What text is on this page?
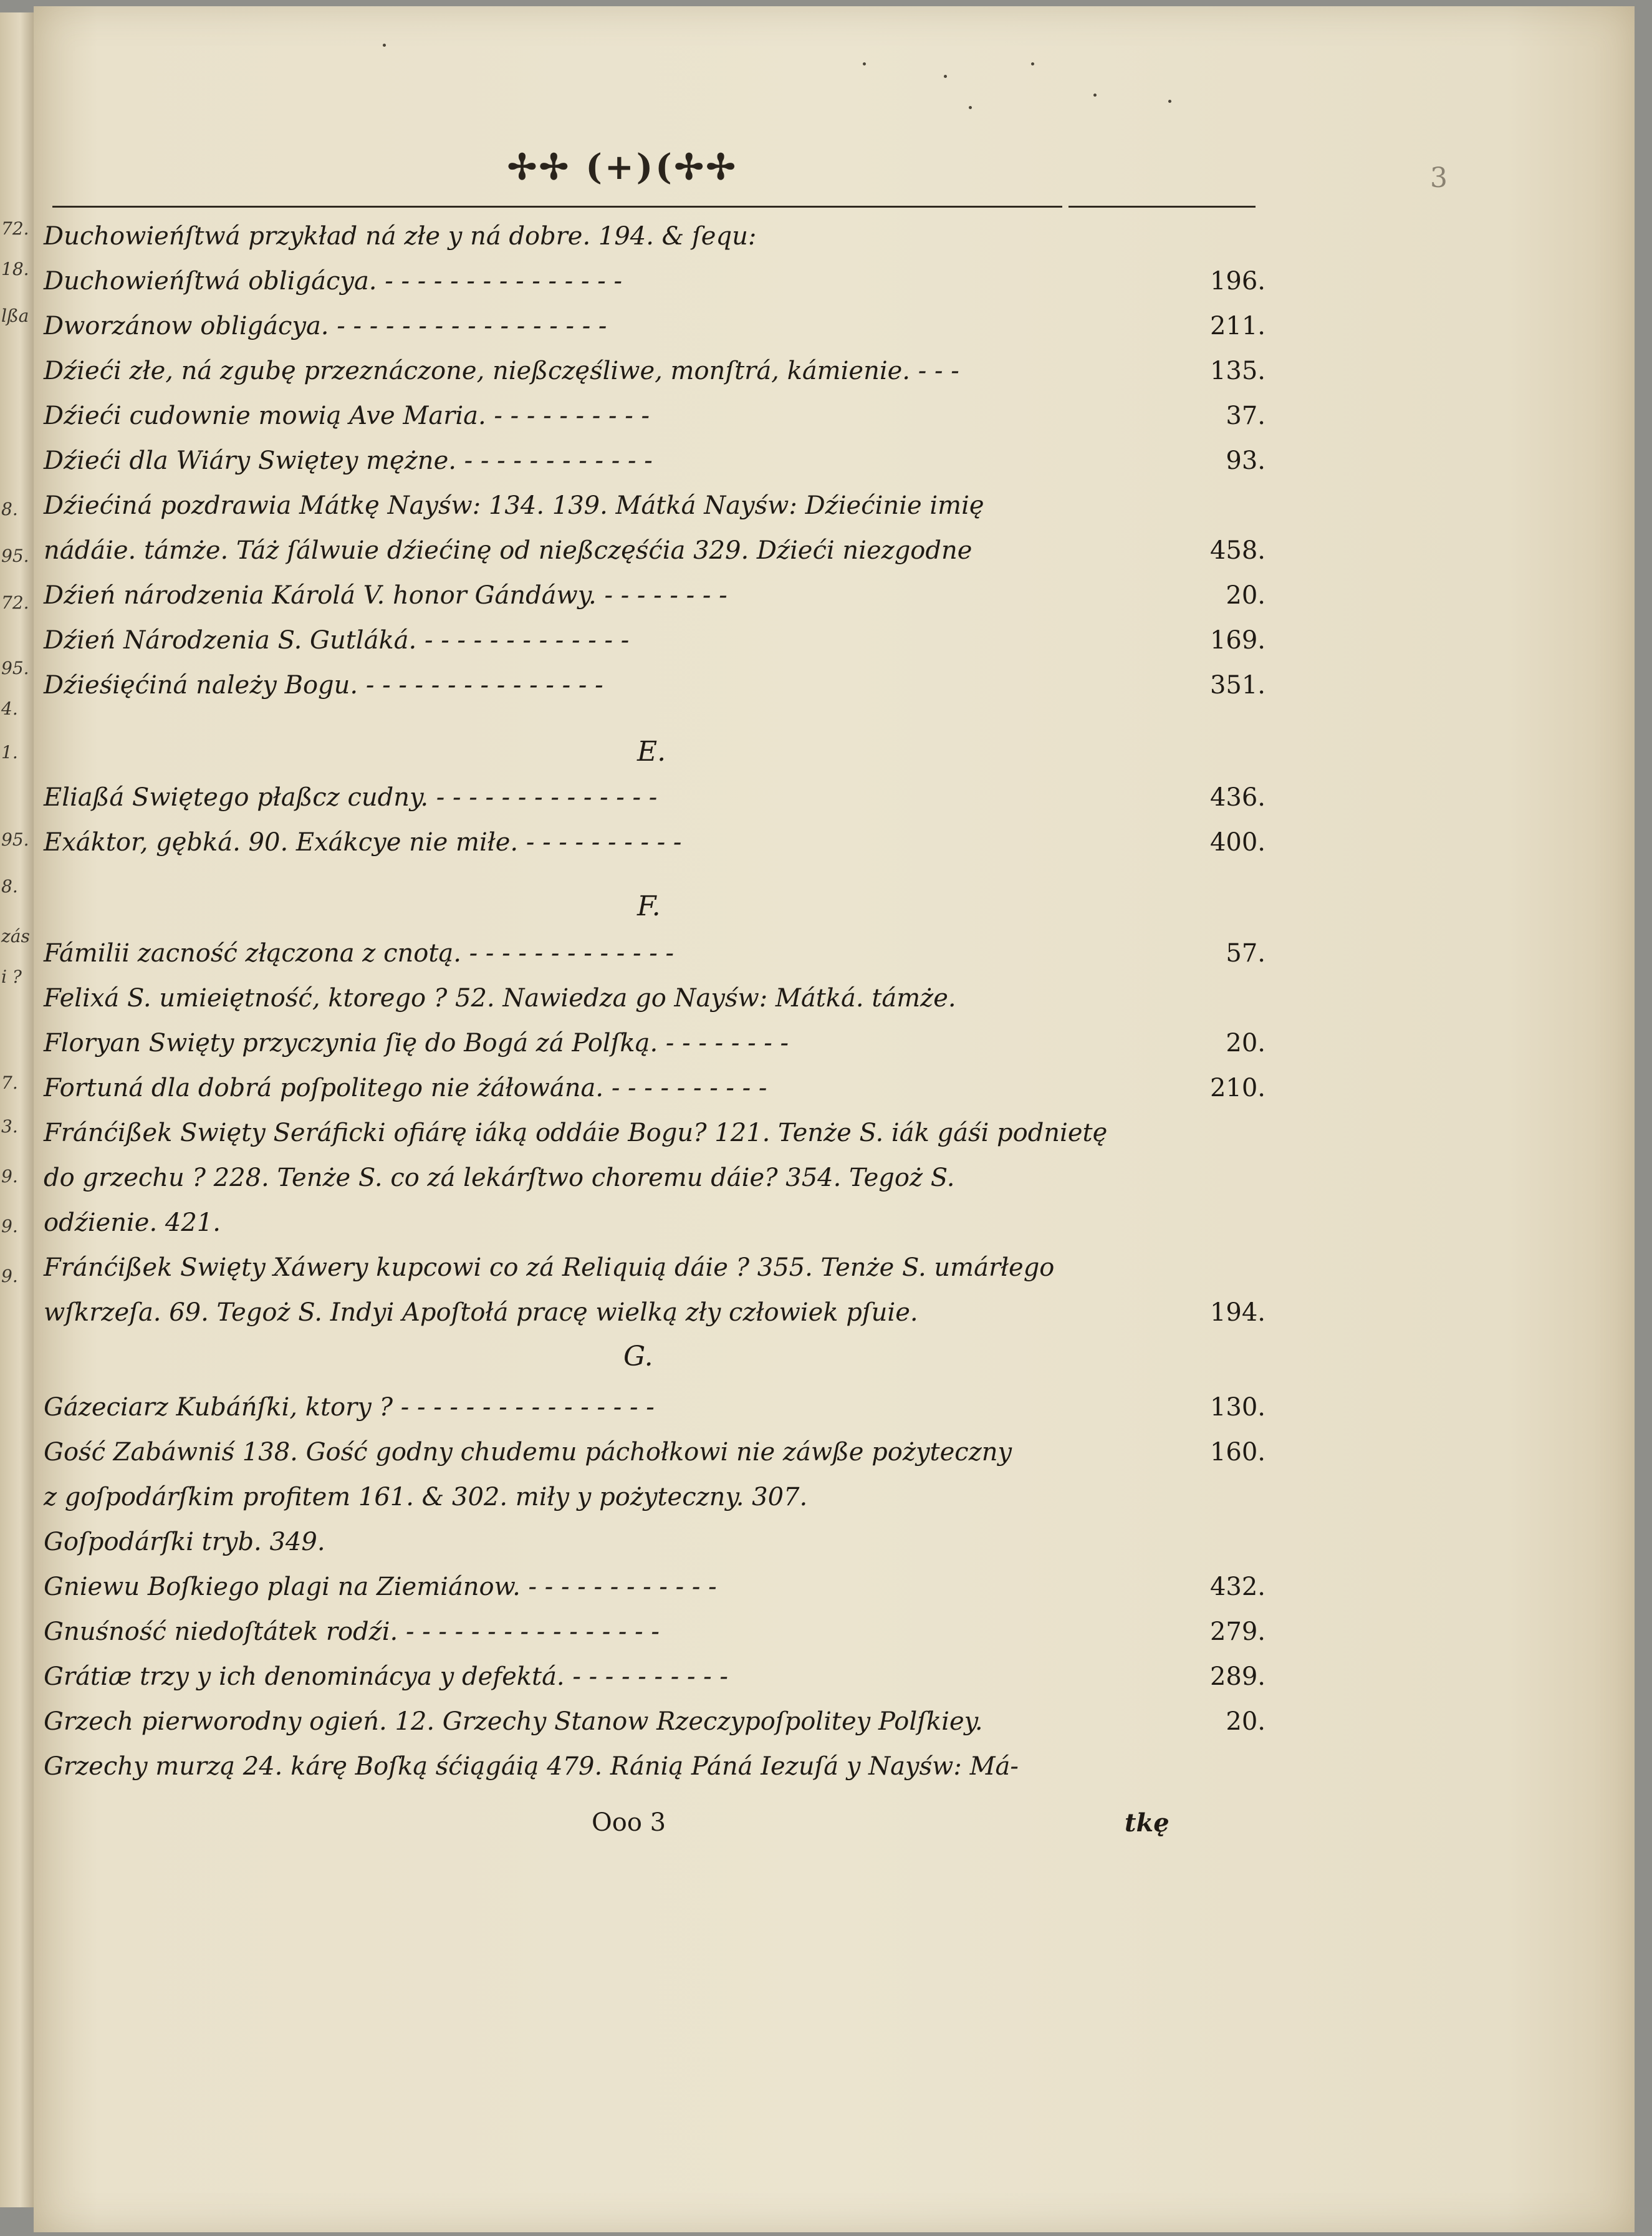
72.
18.
lßa
8.
95.
72.
95.
4.
1.
95.
8.
zás
i ?
7.
3.
9.
9.
9.
3
✢✢ (+)(✢✢
Duchowieńſtwá przykład ná złe y ná dobre. 194. & ſequ:
Duchowieńſtwá obligácya. - - - - - - - - - - - - - - -	196.
Dworzánow obligácya. - - - - - - - - - - - - - - - - -	211.
Dźieći złe, ná zgubę przeznáczone, nießczęśliwe, monſtrá, kámienie. - - -	135.
Dźieći cudownie mowią Ave Maria. - - - - - - - - - -	37.
Dźieći dla Wiáry Swiętey mężne. - - - - - - - - - - - -	93.
Dźiećiná pozdrawia Mátkę Nayśw: 134. 139. Mátká Nayśw: Dźiećinie imię
nádáie. támże. Táż ſálwuie dźiećinę od nießczęśćia 329. Dźieći niezgodne	458.
Dźień národzenia Károlá V. honor Gándáwy. - - - - - - - -	20.
Dźień Národzenia S. Gutláká. - - - - - - - - - - - - -	169.
Dźieśięćiná należy Bogu. - - - - - - - - - - - - - - -	351.
E.
Eliaßá Swiętego płaßcz cudny. - - - - - - - - - - - - - -	436.
Exáktor, gębká. 90. Exákcye nie miłe. - - - - - - - - - -	400.
F.
Fámilii zacność złączona z cnotą. - - - - - - - - - - - - -	57.
Felixá S. umieiętność, ktorego ? 52. Nawiedza go Nayśw: Mátká. támże.
Floryan Swięty przyczynia ſię do Bogá zá Polſką. - - - - - - - -	20.
Fortuná dla dobrá poſpolitego nie żáłowána. - - - - - - - - - -	210.
Fránćißek Swięty Seráficki ofiárę iáką oddáie Bogu? 121. Tenże S. iák gáśi podnietę
do grzechu ? 228. Tenże S. co zá lekárſtwo choremu dáie? 354. Tegoż S.
odźienie. 421.
Fránćißek Swięty Xáwery kupcowi co zá Reliquią dáie ? 355. Tenże S. umárłego
wſkrzeſa. 69. Tegoż S. Indyi Apoſtołá pracę wielką zły człowiek pſuie.	194.
G.
Gázeciarz Kubáńſki, ktory ? - - - - - - - - - - - - - - - -	130.
Gość Zabáwniś 138. Gość godny chudemu páchołkowi nie záwße pożyteczny	160.
z goſpodárſkim profitem 161. & 302. miły y pożyteczny. 307.
Goſpodárſki tryb. 349.
Gniewu Boſkiego plagi na Ziemiánow. - - - - - - - - - - - -	432.
Gnuśność niedoſtátek rodźi. - - - - - - - - - - - - - - - -	279.
Grátiæ trzy y ich denominácya y defektá. - - - - - - - - - -	289.
Grzech pierworodny ogień. 12. Grzechy Stanow Rzeczypoſpolitey Polſkiey.	20.
Grzechy murzą 24. kárę Boſką śćiągáią 479. Ránią Páná Iezuſá y Nayśw: Má-
Ooo 3	tkę
